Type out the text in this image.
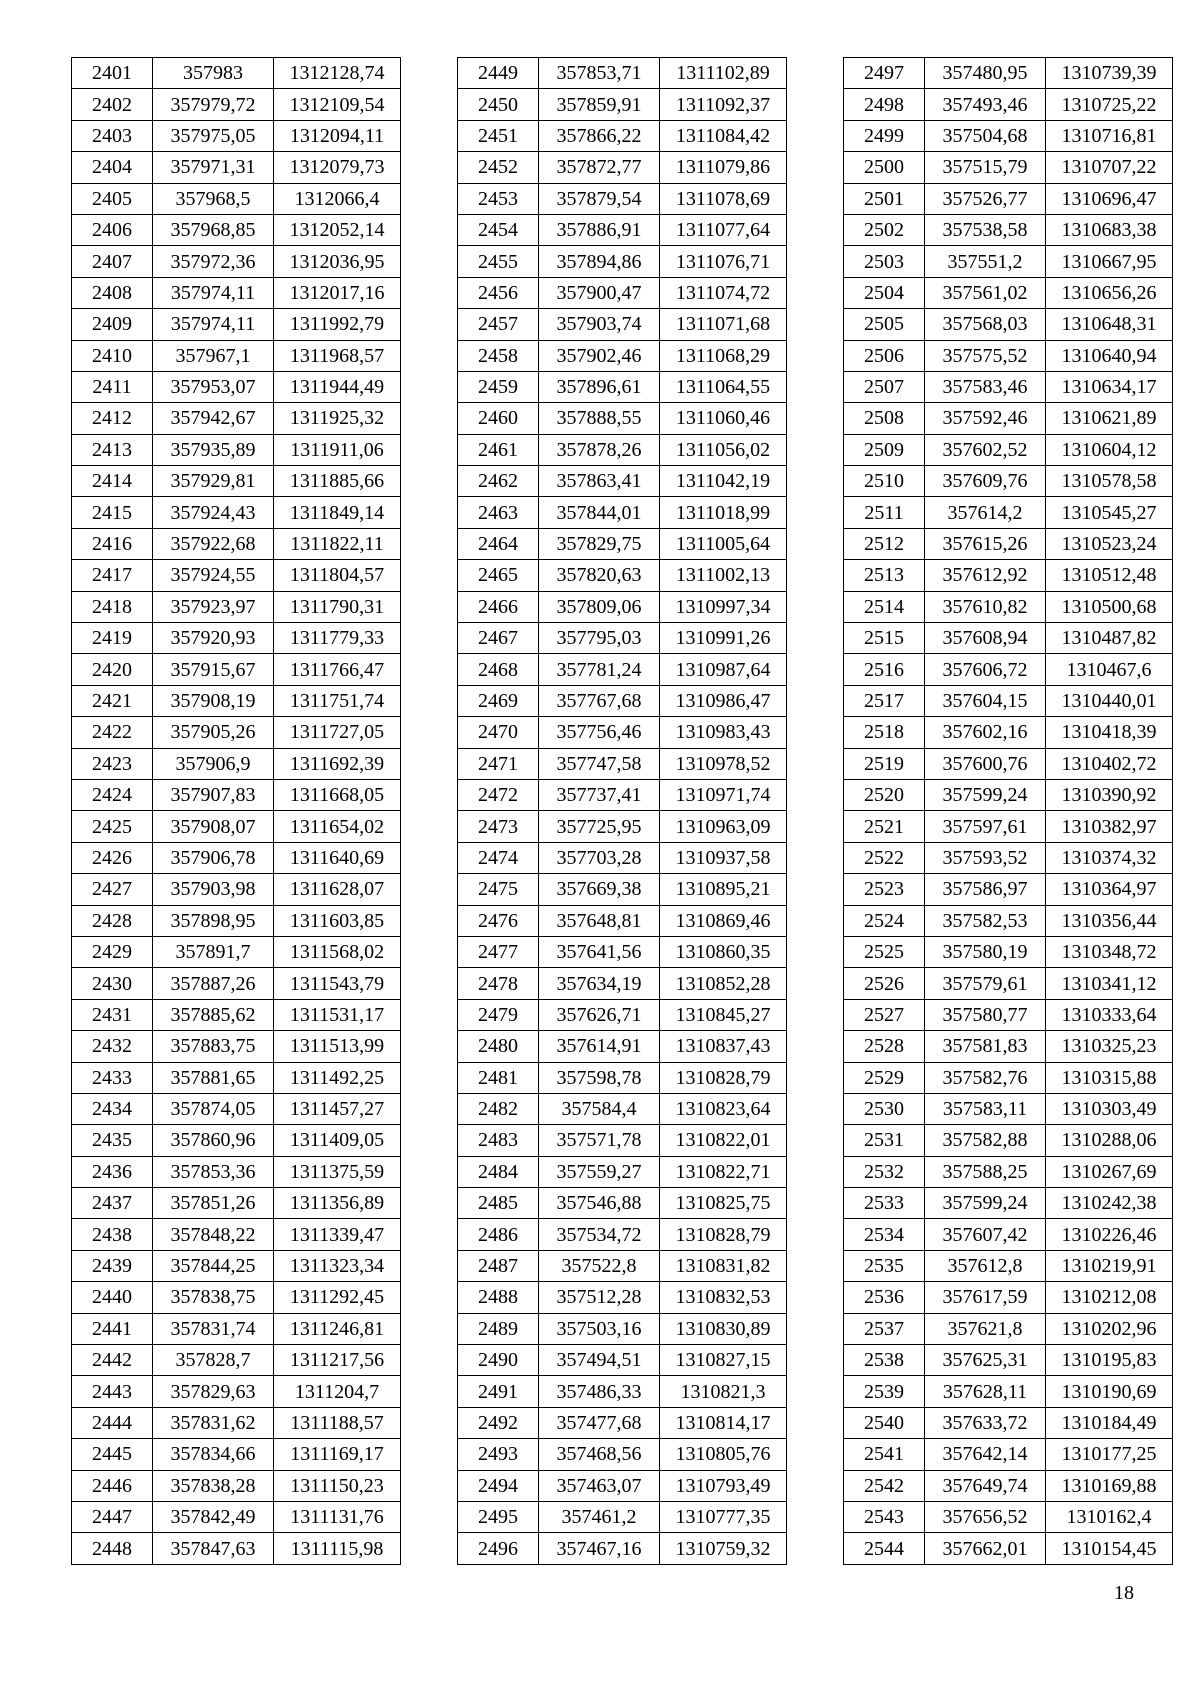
2401	357983	1312128,74
2402	357979,72	1312109,54
2403	357975,05	1312094,11
2404	357971,31	1312079,73
2405	357968,5	1312066,4
2406	357968,85	1312052,14
2407	357972,36	1312036,95
2408	357974,11	1312017,16
2409	357974,11	1311992,79
2410	357967,1	1311968,57
2411	357953,07	1311944,49
2412	357942,67	1311925,32
2413	357935,89	1311911,06
2414	357929,81	1311885,66
2415	357924,43	1311849,14
2416	357922,68	1311822,11
2417	357924,55	1311804,57
2418	357923,97	1311790,31
2419	357920,93	1311779,33
2420	357915,67	1311766,47
2421	357908,19	1311751,74
2422	357905,26	1311727,05
2423	357906,9	1311692,39
2424	357907,83	1311668,05
2425	357908,07	1311654,02
2426	357906,78	1311640,69
2427	357903,98	1311628,07
2428	357898,95	1311603,85
2429	357891,7	1311568,02
2430	357887,26	1311543,79
2431	357885,62	1311531,17
2432	357883,75	1311513,99
2433	357881,65	1311492,25
2434	357874,05	1311457,27
2435	357860,96	1311409,05
2436	357853,36	1311375,59
2437	357851,26	1311356,89
2438	357848,22	1311339,47
2439	357844,25	1311323,34
2440	357838,75	1311292,45
2441	357831,74	1311246,81
2442	357828,7	1311217,56
2443	357829,63	1311204,7
2444	357831,62	1311188,57
2445	357834,66	1311169,17
2446	357838,28	1311150,23
2447	357842,49	1311131,76
2448	357847,63	1311115,98
2449	357853,71	1311102,89
2450	357859,91	1311092,37
2451	357866,22	1311084,42
2452	357872,77	1311079,86
2453	357879,54	1311078,69
2454	357886,91	1311077,64
2455	357894,86	1311076,71
2456	357900,47	1311074,72
2457	357903,74	1311071,68
2458	357902,46	1311068,29
2459	357896,61	1311064,55
2460	357888,55	1311060,46
2461	357878,26	1311056,02
2462	357863,41	1311042,19
2463	357844,01	1311018,99
2464	357829,75	1311005,64
2465	357820,63	1311002,13
2466	357809,06	1310997,34
2467	357795,03	1310991,26
2468	357781,24	1310987,64
2469	357767,68	1310986,47
2470	357756,46	1310983,43
2471	357747,58	1310978,52
2472	357737,41	1310971,74
2473	357725,95	1310963,09
2474	357703,28	1310937,58
2475	357669,38	1310895,21
2476	357648,81	1310869,46
2477	357641,56	1310860,35
2478	357634,19	1310852,28
2479	357626,71	1310845,27
2480	357614,91	1310837,43
2481	357598,78	1310828,79
2482	357584,4	1310823,64
2483	357571,78	1310822,01
2484	357559,27	1310822,71
2485	357546,88	1310825,75
2486	357534,72	1310828,79
2487	357522,8	1310831,82
2488	357512,28	1310832,53
2489	357503,16	1310830,89
2490	357494,51	1310827,15
2491	357486,33	1310821,3
2492	357477,68	1310814,17
2493	357468,56	1310805,76
2494	357463,07	1310793,49
2495	357461,2	1310777,35
2496	357467,16	1310759,32
2497	357480,95	1310739,39
2498	357493,46	1310725,22
2499	357504,68	1310716,81
2500	357515,79	1310707,22
2501	357526,77	1310696,47
2502	357538,58	1310683,38
2503	357551,2	1310667,95
2504	357561,02	1310656,26
2505	357568,03	1310648,31
2506	357575,52	1310640,94
2507	357583,46	1310634,17
2508	357592,46	1310621,89
2509	357602,52	1310604,12
2510	357609,76	1310578,58
2511	357614,2	1310545,27
2512	357615,26	1310523,24
2513	357612,92	1310512,48
2514	357610,82	1310500,68
2515	357608,94	1310487,82
2516	357606,72	1310467,6
2517	357604,15	1310440,01
2518	357602,16	1310418,39
2519	357600,76	1310402,72
2520	357599,24	1310390,92
2521	357597,61	1310382,97
2522	357593,52	1310374,32
2523	357586,97	1310364,97
2524	357582,53	1310356,44
2525	357580,19	1310348,72
2526	357579,61	1310341,12
2527	357580,77	1310333,64
2528	357581,83	1310325,23
2529	357582,76	1310315,88
2530	357583,11	1310303,49
2531	357582,88	1310288,06
2532	357588,25	1310267,69
2533	357599,24	1310242,38
2534	357607,42	1310226,46
2535	357612,8	1310219,91
2536	357617,59	1310212,08
2537	357621,8	1310202,96
2538	357625,31	1310195,83
2539	357628,11	1310190,69
2540	357633,72	1310184,49
2541	357642,14	1310177,25
2542	357649,74	1310169,88
2543	357656,52	1310162,4
2544	357662,01	1310154,45
18
